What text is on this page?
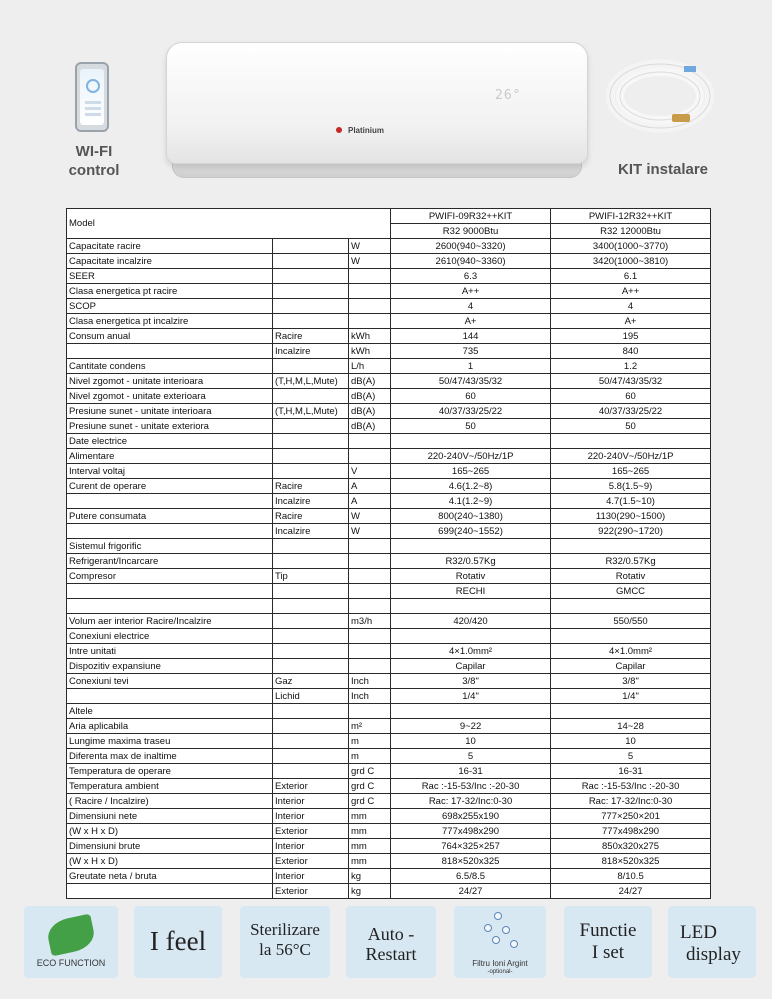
WI-FI
control
26°
Platinium
KIT instalare
Model			PWIFI-09R32++KIT	PWIFI-12R32++KIT
			R32 9000Btu	R32 12000Btu
Capacitate racire		W	2600(940~3320)	3400(1000~3770)
Capacitate incalzire		W	2610(940~3360)	3420(1000~3810)
SEER			6.3	6.1
Clasa energetica pt racire			A++	A++
SCOP			4	4
Clasa energetica pt incalzire			A+	A+
Consum anual	Racire	kWh	144	195
	Incalzire	kWh	735	840
Cantitate condens		L/h	1	1.2
Nivel zgomot - unitate interioara	(T,H,M,L,Mute)	dB(A)	50/47/43/35/32	50/47/43/35/32
Nivel zgomot - unitate exterioara		dB(A)	60	60
Presiune sunet - unitate interioara	(T,H,M,L,Mute)	dB(A)	40/37/33/25/22	40/37/33/25/22
Presiune sunet - unitate exteriora		dB(A)	50	50
Date electrice				
Alimentare			220-240V~/50Hz/1P	220-240V~/50Hz/1P
Interval voltaj		V	165~265	165~265
Curent de operare	Racire	A	4.6(1.2~8)	5.8(1.5~9)
	Incalzire	A	4.1(1.2~9)	4.7(1.5~10)
Putere consumata	Racire	W	800(240~1380)	1130(290~1500)
	Incalzire	W	699(240~1552)	922(290~1720)
Sistemul frigorific				
Refrigerant/Incarcare			R32/0.57Kg	R32/0.57Kg
Compresor	Tip		Rotativ	Rotativ
			RECHI	GMCC

Volum aer interior Racire/Incalzire		m3/h	420/420	550/550
Conexiuni electrice				
Intre unitati			4×1.0mm²	4×1.0mm²
Dispozitiv expansiune			Capilar	Capilar
Conexiuni tevi	Gaz	Inch	3/8"	3/8"
	Lichid	Inch	1/4"	1/4"
Altele				
Aria aplicabila		m²	9~22	14~28
Lungime maxima traseu		m	10	10
Diferenta max de inaltime		m	5	5
Temperatura de operare		grd C	16-31	16-31
Temperatura ambient	Exterior	grd C	Rac :-15-53/Inc :-20-30	Rac :-15-53/Inc :-20-30
( Racire / Incalzire)	Interior	grd C	Rac: 17-32/Inc:0-30	Rac: 17-32/Inc:0-30
Dimensiuni nete	Interior	mm	698x255x190	777×250×201
(W x H x D)	Exterior	mm	777x498x290	777x498x290
Dimensiuni brute	Interior	mm	764×325×257	850x320x275
(W x H x D)	Exterior	mm	818×520x325	818×520x325
Greutate neta / bruta	Interior	kg	6.5/8.5	8/10.5
	Exterior	kg	24/27	24/27
ECO FUNCTION
I feel	Sterilizare
la 56°C
Auto -
Restart	Filtru Ioni Argint
-optional-
Functie
I set
LED
display
